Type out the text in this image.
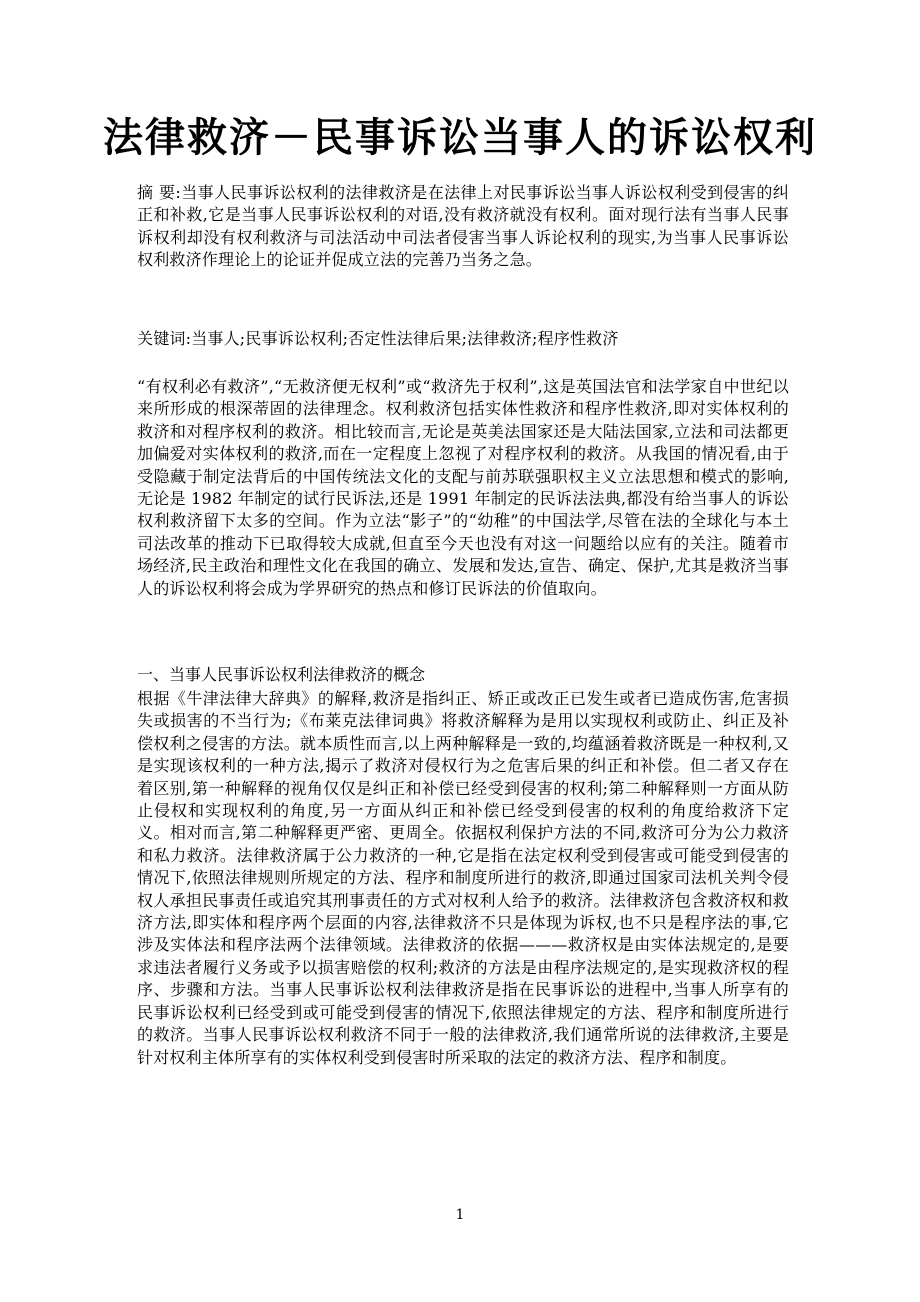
法律救济－民事诉讼当事人的诉讼权利
摘 要:当事人民事诉讼权利的法律救济是在法律上对民事诉讼当事人诉讼权利受到侵害的纠正和补救,它是当事人民事诉讼权利的对语,没有救济就没有权利。面对现行法有当事人民事诉权利却没有权利救济与司法活动中司法者侵害当事人诉论权利的现实,为当事人民事诉讼权利救济作理论上的论证并促成立法的完善乃当务之急。
关键词:当事人;民事诉讼权利;否定性法律后果;法律救济;程序性救济
“有权利必有救济”,“无救济便无权利”或“救济先于权利”,这是英国法官和法学家自中世纪以来所形成的根深蒂固的法律理念。权利救济包括实体性救济和程序性救济,即对实体权利的救济和对程序权利的救济。相比较而言,无论是英美法国家还是大陆法国家,立法和司法都更加偏爱对实体权利的救济,而在一定程度上忽视了对程序权利的救济。从我国的情况看,由于受隐藏于制定法背后的中国传统法文化的支配与前苏联强职权主义立法思想和模式的影响,无论是 1982 年制定的试行民诉法,还是 1991 年制定的民诉法法典,都没有给当事人的诉讼权利救济留下太多的空间。作为立法“影子”的“幼稚”的中国法学,尽管在法的全球化与本土司法改革的推动下已取得较大成就,但直至今天也没有对这一问题给以应有的关注。随着市场经济,民主政治和理性文化在我国的确立、发展和发达,宣告、确定、保护,尤其是救济当事人的诉讼权利将会成为学界研究的热点和修订民诉法的价值取向。
一、当事人民事诉讼权利法律救济的概念
根据《牛津法律大辞典》的解释,救济是指纠正、矫正或改正已发生或者已造成伤害,危害损失或损害的不当行为;《布莱克法律词典》将救济解释为是用以实现权利或防止、纠正及补偿权利之侵害的方法。就本质性而言,以上两种解释是一致的,均蕴涵着救济既是一种权利,又是实现该权利的一种方法,揭示了救济对侵权行为之危害后果的纠正和补偿。但二者又存在着区别,第一种解释的视角仅仅是纠正和补偿已经受到侵害的权利;第二种解释则一方面从防止侵权和实现权利的角度,另一方面从纠正和补偿已经受到侵害的权利的角度给救济下定义。相对而言,第二种解释更严密、更周全。依据权利保护方法的不同,救济可分为公力救济和私力救济。法律救济属于公力救济的一种,它是指在法定权利受到侵害或可能受到侵害的情况下,依照法律规则所规定的方法、程序和制度所进行的救济,即通过国家司法机关判令侵权人承担民事责任或追究其刑事责任的方式对权利人给予的救济。法律救济包含救济权和救济方法,即实体和程序两个层面的内容,法律救济不只是体现为诉权,也不只是程序法的事,它涉及实体法和程序法两个法律领域。法律救济的依据———救济权是由实体法规定的,是要求违法者履行义务或予以损害赔偿的权利;救济的方法是由程序法规定的,是实现救济权的程序、步骤和方法。当事人民事诉讼权利法律救济是指在民事诉讼的进程中,当事人所享有的民事诉讼权利已经受到或可能受到侵害的情况下,依照法律规定的方法、程序和制度所进行的救济。当事人民事诉讼权利救济不同于一般的法律救济,我们通常所说的法律救济,主要是针对权利主体所享有的实体权利受到侵害时所采取的法定的救济方法、程序和制度。
1
